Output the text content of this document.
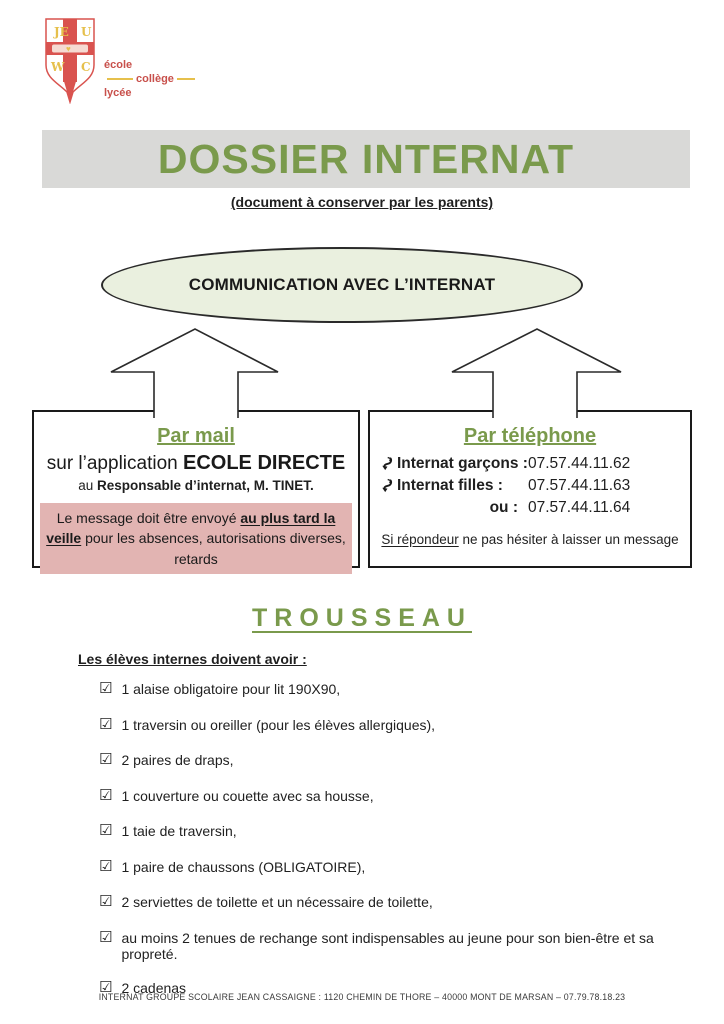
JE U
W C
♥
école
collège
lycée
DOSSIER INTERNAT
(document à conserver par les parents)
COMMUNICATION AVEC L’INTERNAT
Par mail
sur l’application ECOLE DIRECTE
au Responsable d’internat, M. TINET.
Le message doit être envoyé au plus tard la veille pour les absences, autorisations diverses, retards
Par téléphone
Internat garçons : 07.57.44.11.62
Internat filles : 07.57.44.11.63
ou : 07.57.44.11.64
Si répondeur ne pas hésiter à laisser un message
TROUSSEAU
Les élèves internes doivent avoir :
☑ 1 alaise obligatoire pour lit 190X90,
☑ 1 traversin ou oreiller (pour les élèves allergiques),
☑ 2 paires de draps,
☑ 1 couverture ou couette avec sa housse,
☑ 1 taie de traversin,
☑ 1 paire de chaussons (OBLIGATOIRE),
☑ 2 serviettes de toilette et un nécessaire de toilette,
☑ au moins 2 tenues de rechange sont indispensables au jeune pour son bien-être et sa propreté.
☑ 2 cadenas
INTERNAT GROUPE SCOLAIRE JEAN CASSAIGNE : 1120 CHEMIN DE THORE – 40000 MONT DE MARSAN – 07.79.78.18.23
